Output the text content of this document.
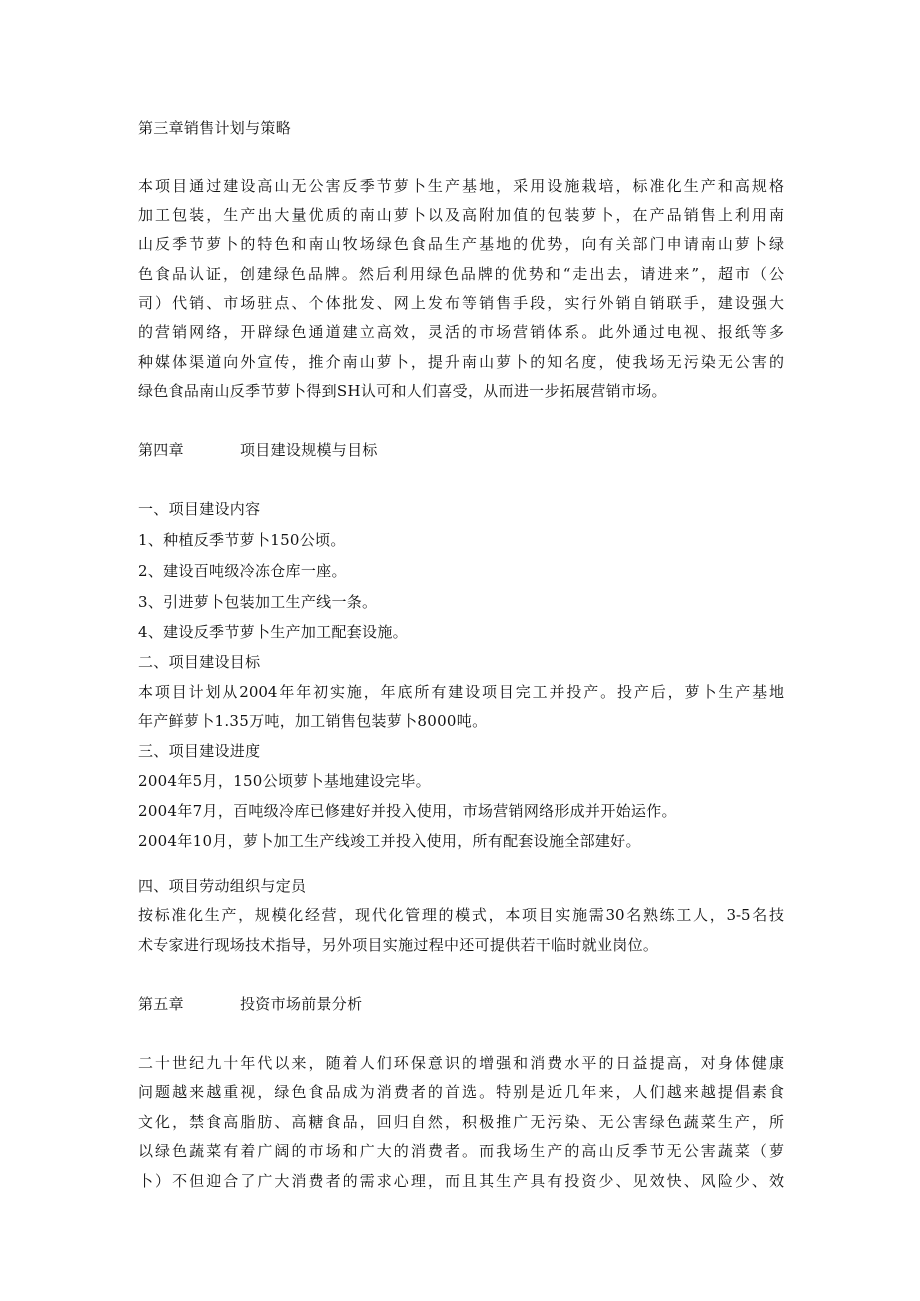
第三章销售计划与策略
本项目通过建设高山无公害反季节萝卜生产基地，采用设施栽培，标准化生产和高规格
加工包装，生产出大量优质的南山萝卜以及高附加值的包装萝卜，在产品销售上利用南
山反季节萝卜的特色和南山牧场绿色食品生产基地的优势，向有关部门申请南山萝卜绿
色食品认证，创建绿色品牌。然后利用绿色品牌的优势和“走出去，请进来”，超市（公
司）代销、市场驻点、个体批发、网上发布等销售手段，实行外销自销联手，建设强大
的营销网络，开辟绿色通道建立高效，灵活的市场营销体系。此外通过电视、报纸等多
种媒体渠道向外宣传，推介南山萝卜，提升南山萝卜的知名度，使我场无污染无公害的
绿色食品南山反季节萝卜得到SH认可和人们喜受，从而进一步拓展营销市场。
第四章	项目建设规模与目标
一、项目建设内容
1、种植反季节萝卜150公顷。
2、建设百吨级冷冻仓库一座。
3、引进萝卜包装加工生产线一条。
4、建设反季节萝卜生产加工配套设施。
二、项目建设目标
本项目计划从2004年年初实施，年底所有建设项目完工并投产。投产后，萝卜生产基地
年产鲜萝卜1.35万吨，加工销售包装萝卜8000吨。
三、项目建设进度
2004年5月，150公顷萝卜基地建设完毕。
2004年7月，百吨级冷库已修建好并投入使用，市场营销网络形成并开始运作。
2004年10月，萝卜加工生产线竣工并投入使用，所有配套设施全部建好。
四、项目劳动组织与定员
按标准化生产，规模化经营，现代化管理的模式，本项目实施需30名熟练工人，3-5名技
术专家进行现场技术指导，另外项目实施过程中还可提供若干临时就业岗位。
第五章	投资市场前景分析
二十世纪九十年代以来，随着人们环保意识的增强和消费水平的日益提高，对身体健康
问题越来越重视，绿色食品成为消费者的首选。特别是近几年来，人们越来越提倡素食
文化，禁食高脂肪、高糖食品，回归自然，积极推广无污染、无公害绿色蔬菜生产，所
以绿色蔬菜有着广阔的市场和广大的消费者。而我场生产的高山反季节无公害蔬菜（萝
卜）不但迎合了广大消费者的需求心理，而且其生产具有投资少、见效快、风险少、效
